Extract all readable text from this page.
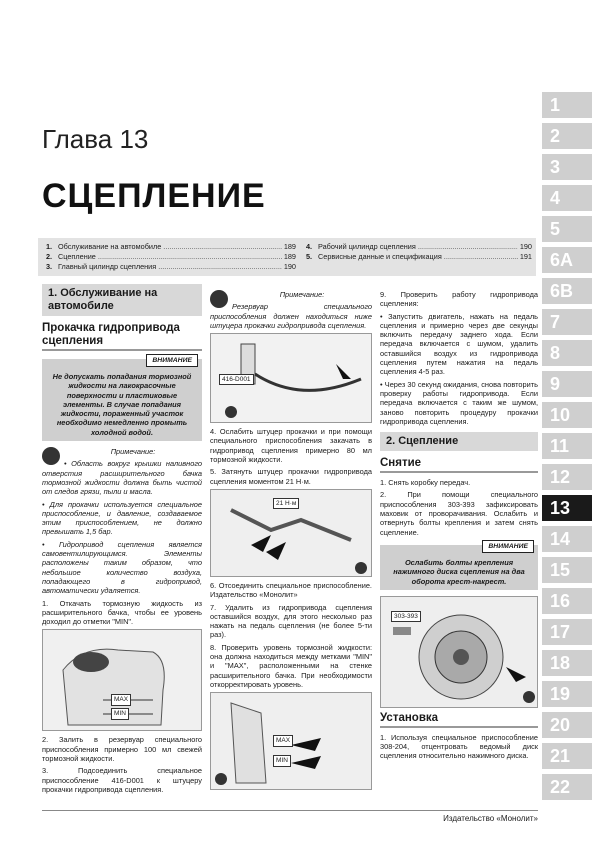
Глава 13
СЦЕПЛЕНИЕ
1. Обслуживание на автомобиле .....	189
2. Сцепление .....	189
3. Главный цилиндр сцепления .....	190
4. Рабочий цилиндр сцепления .....	190
5. Сервисные данные и спецификация .....	191
1
2
3
4
5
6A
6B
7
8
9
10
11
12
13
14
15
16
17
18
19
20
21
22
1. Обслуживание на автомобиле
Прокачка гидропривода сцепления
ВНИМАНИЕ
Не допускать попадания тормозной жидкости на лакокрасочные поверхности и пластиковые элементы. В случае попадания жидкости, пораженный участок необходимо немедленно промыть холодной водой.

Примечание:

• Область вокруг крышки наливного отверстия расширительного бачка тормозной жидкости должна быть чистой от следов грязи, пыли и масла.

• Для прокачки используется специальное приспособление, и давление, создаваемое этим приспособлением, не должно превышать 1,5 бар.

• Гидропривод сцепления является самовентилирующимся. Элементы расположены таким образом, что небольшое количество воздуха, попадающего в гидропривод, автоматически удаляется.

1. Откачать тормозную жидкость из расширительного бачка, чтобы ее уровень доходил до отметки "MIN".

MAX
MIN

2. Залить в резервуар специального приспособления примерно 100 мл свежей тормозной жидкости.

3. Подсоединить специальное приспособление 416-D001 к штуцеру прокачки гидропривода сцепления.

Примечание:

Резервуар специального приспособления должен находиться ниже штуцера прокачки гидропривода сцепления.

416-D001

4. Ослабить штуцер прокачки и при помощи специального приспособления закачать в гидропривод сцепления примерно 80 мл тормозной жидкости.

5. Затянуть штуцер прокачки гидропривода сцепления моментом 21 Н·м.

21 Н·м

6. Отсоединить специальное приспособление. Издательство «Монолит»

7. Удалить из гидропривода сцепления оставшийся воздух, для этого несколько раз нажать на педаль сцепления (не более 5-ти раз).

8. Проверить уровень тормозной жидкости: она должна находиться между метками "MIN" и "MAX", расположенными на стенке расширительного бачка. При необходимости откорректировать уровень.

MAX
MIN

9. Проверить работу гидропривода сцепления:

• Запустить двигатель, нажать на педаль сцепления и примерно через две секунды включить передачу заднего хода. Если передача включается с шумом, удалить оставшийся воздух из гидропривода сцепления путем нажатия на педаль сцепления 4-5 раз.

• Через 30 секунд ожидания, снова повторить проверку работы гидропривода. Если передача включается с таким же шумом, заново повторить процедуру прокачки гидропривода сцепления.

2. Сцепление
Снятие

1. Снять коробку передач.

2. При помощи специального приспособления 303-393 зафиксировать маховик от проворачивания. Ослабить и отвернуть болты крепления и затем снять сцепление.

ВНИМАНИЕ
Ослабить болты крепления нажимного диска сцепления на два оборота крест-накрест.
303-393
Установка

1. Используя специальное приспособление 308-204, отцентровать ведомый диск сцепления относительно нажимного диска.

Издательство «Монолит»
